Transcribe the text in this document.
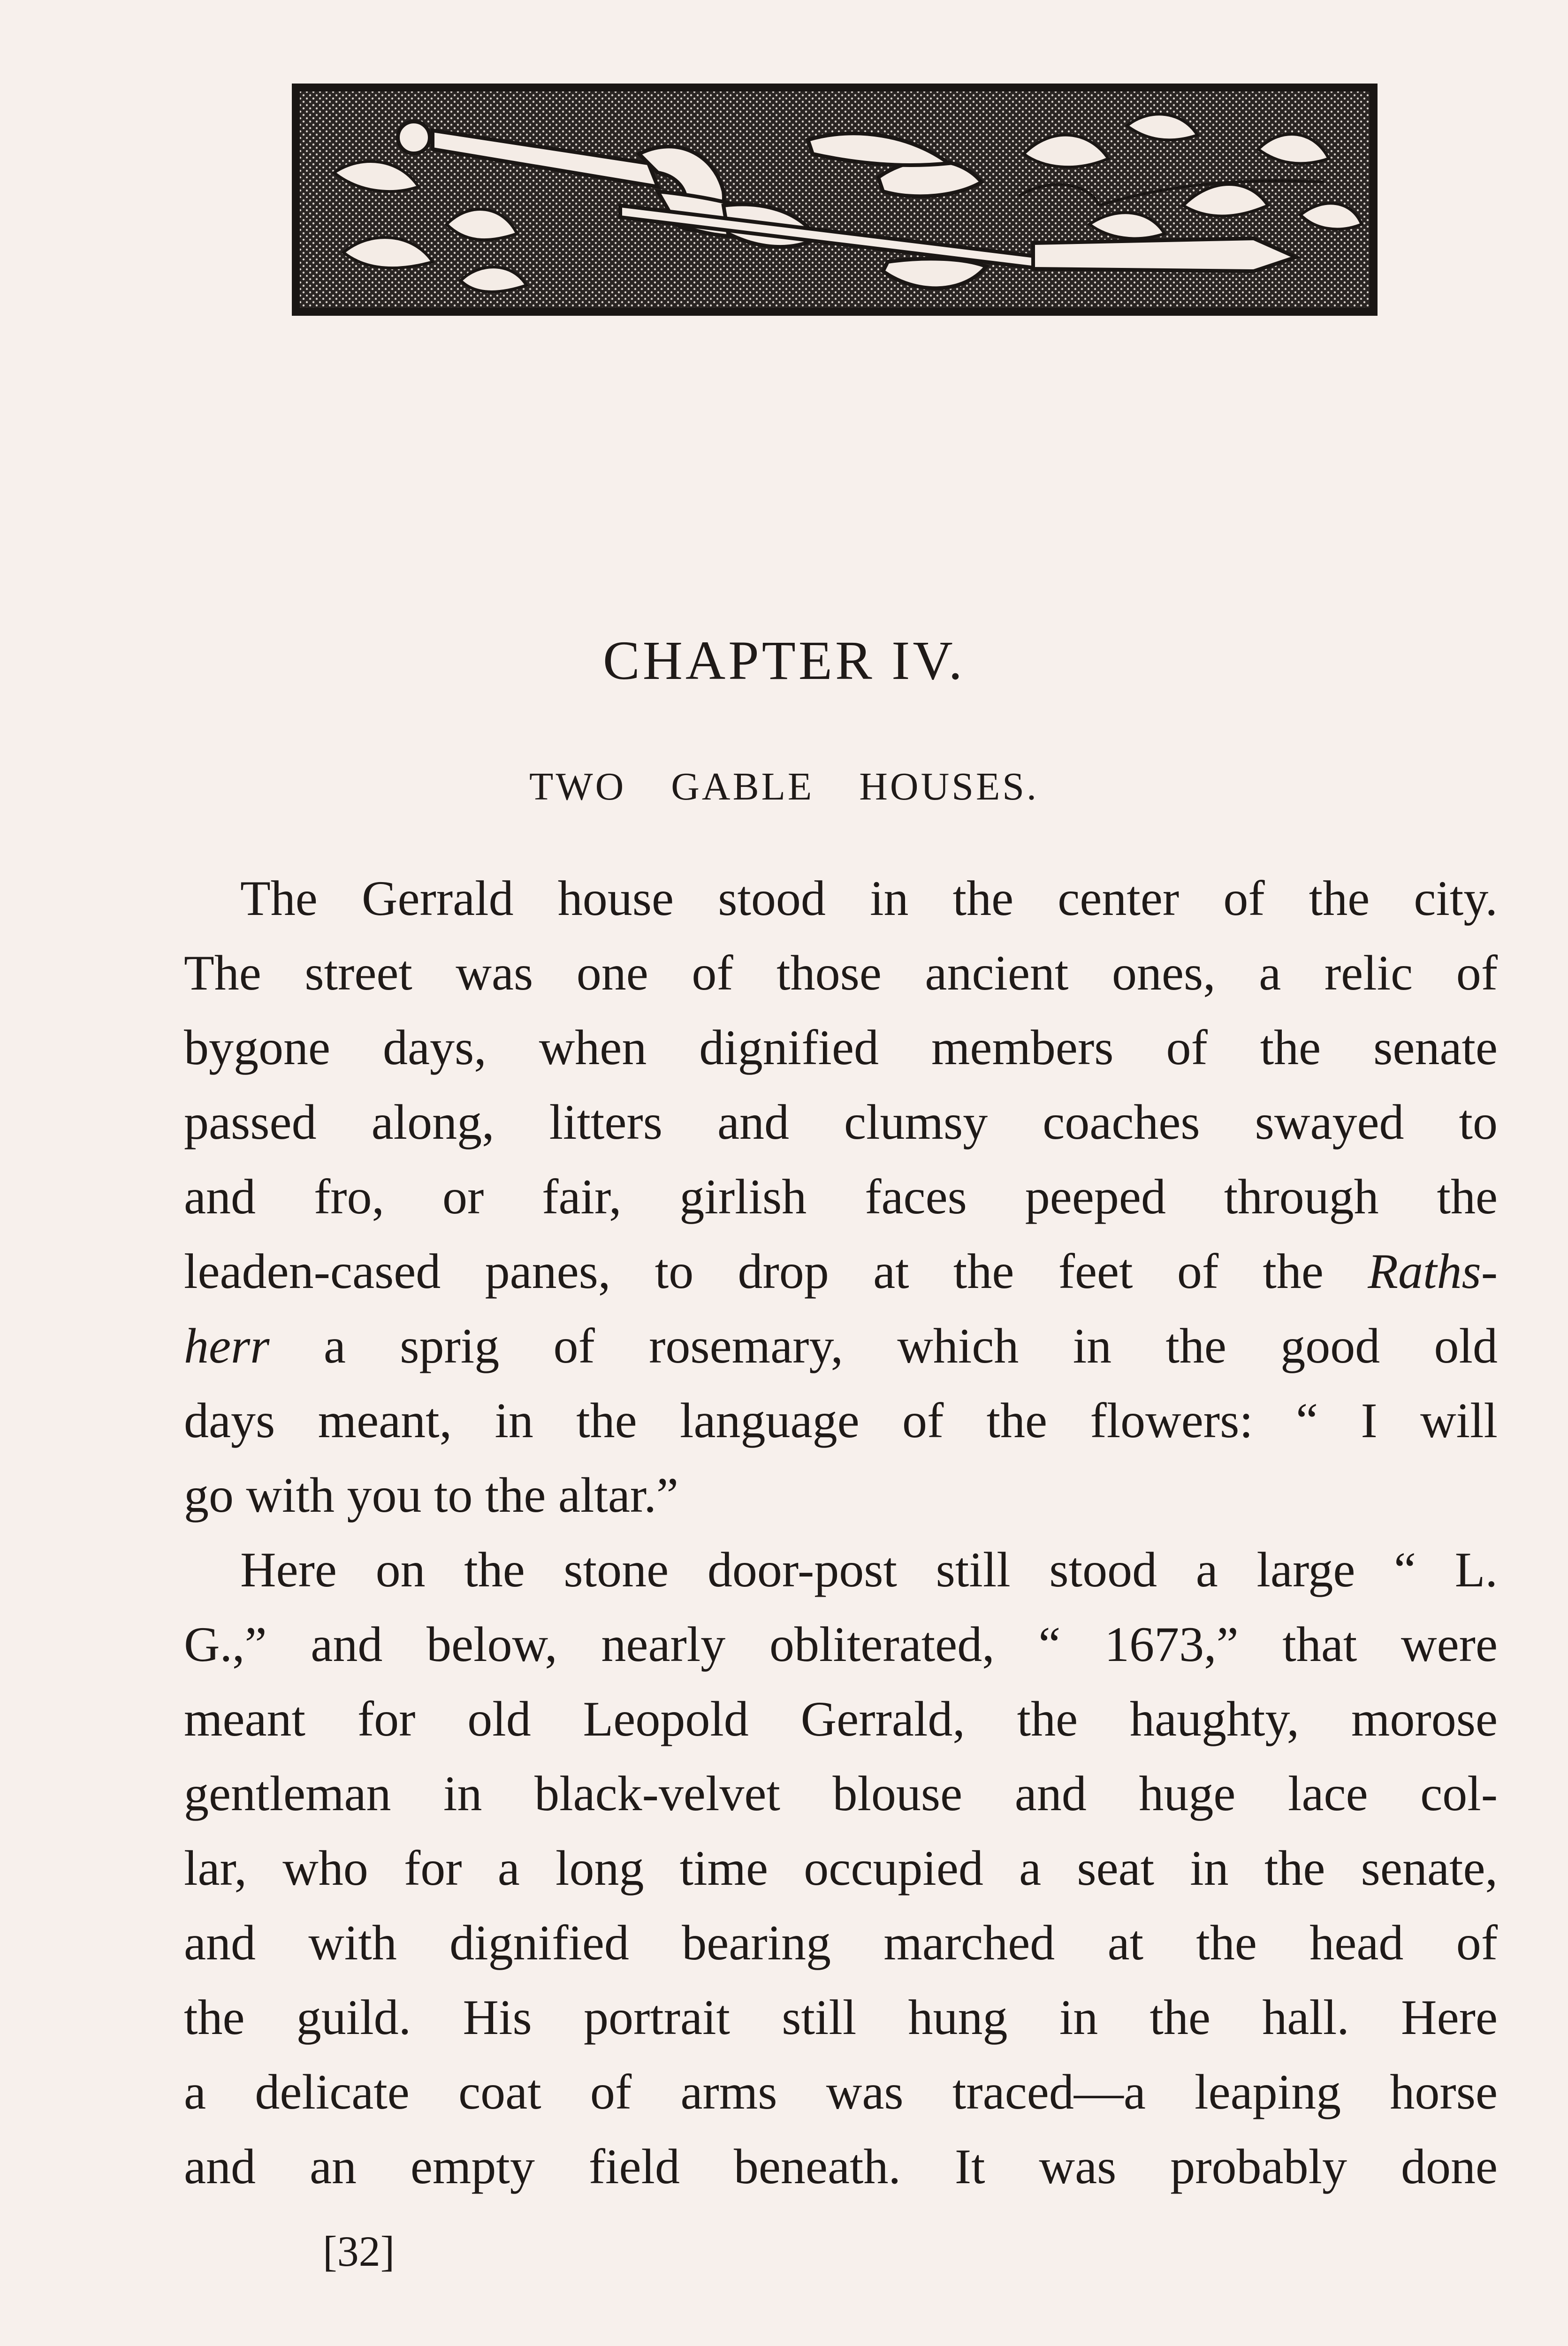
CHAPTER IV.
TWO GABLE HOUSES.
The Gerrald house stood in the center of the city.
The street was one of those ancient ones, a relic of
bygone days, when dignified members of the senate
passed along, litters and clumsy coaches swayed to
and fro, or fair, girlish faces peeped through the
leaden-cased panes, to drop at the feet of the Raths-
herr a sprig of rosemary, which in the good old
days meant, in the language of the flowers: “ I will
go with you to the altar.”
Here on the stone door-post still stood a large “ L.
G.,” and below, nearly obliterated, “ 1673,” that were
meant for old Leopold Gerrald, the haughty, morose
gentleman in black-velvet blouse and huge lace col-
lar, who for a long time occupied a seat in the senate,
and with dignified bearing marched at the head of
the guild. His portrait still hung in the hall. Here
a delicate coat of arms was traced—a leaping horse
and an empty field beneath. It was probably done
[32]
